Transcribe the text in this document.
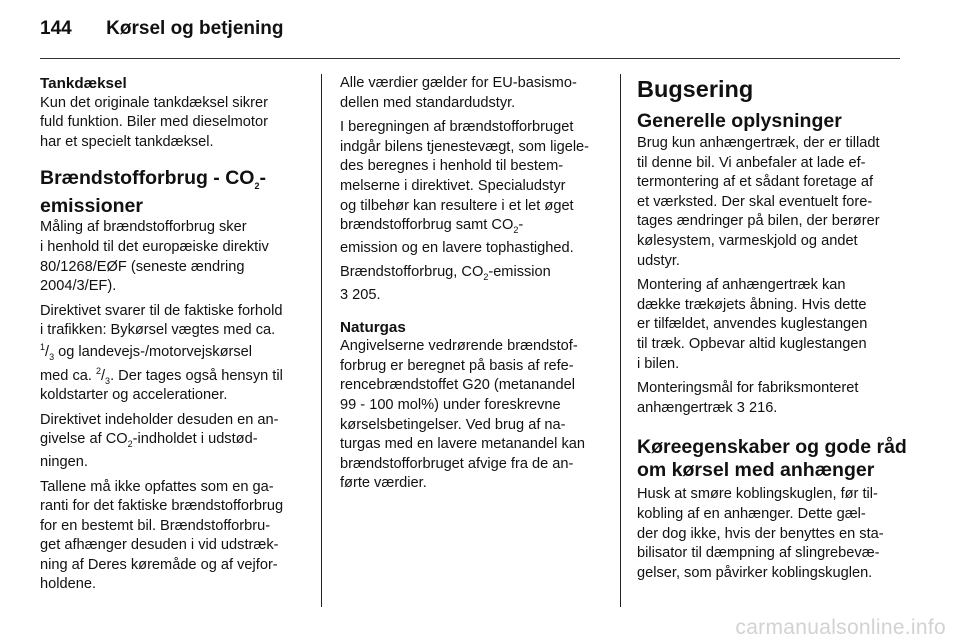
144 Kørsel og betjening
Tankdæksel
Kun det originale tankdæksel sikrer
fuld funktion. Biler med dieselmotor
har et specielt tankdæksel.
Brændstofforbrug - $CO_2-$
emissioner
Måling af brændstofforbrug sker
i henhold til det europæiske direktiv
80/1268/EØF (seneste ændring
2004/3/EF).
Direktivet svarer til de faktiske forhold
i trafikken: Bykørsel vægtes med ca.
$^1/_3$ og landevejs-/motorvejskørsel
med ca. $^2/_3$. Der tages også hensyn til
koldstarter og accelerationer.
Direktivet indeholder desuden en an-
givelse af $CO_2$-indholdet i udstød-
ningen.
Tallene må ikke opfattes som en ga-
ranti for det faktiske brændstofforbrug
for en bestemt bil. Brændstofforbru-
get afhænger desuden i vid udstræk-
ning af Deres køremåde og af vejfor-
holdene.
Alle værdier gælder for EU-basismo-
dellen med standardudstyr.
I beregningen af brændstofforbruget
indgår bilens tjenestevægt, som ligele-
des beregnes i henhold til bestem-
melserne i direktivet. Specialudstyr
og tilbehør kan resultere i et let øget
brændstofforbrug samt $CO_2-$
emission og en lavere tophastighed.
Brændstofforbrug, $CO_2$-emission
3 205.
Naturgas
Angivelserne vedrørende brændstof-
forbrug er beregnet på basis af refe-
rencebrændstoffet G20 (metanandel
99 - 100 mol%) under foreskrevne
kørselsbetingelser. Ved brug af na-
turgas med en lavere metanandel kan
brændstofforbruget afvige fra de an-
førte værdier.
Bugsering
Generelle oplysninger
Brug kun anhængertræk, der er tilladt
til denne bil. Vi anbefaler at lade ef-
termontering af et sådant foretage af
et værksted. Der skal eventuelt fore-
tages ændringer på bilen, der berører
kølesystem, varmeskjold og andet
udstyr.
Montering af anhængertræk kan
dække trækøjets åbning. Hvis dette
er tilfældet, anvendes kuglestangen
til træk. Opbevar altid kuglestangen
i bilen.
Monteringsmål for fabriksmonteret
anhængertræk 3 216.
Køreegenskaber og gode råd
om kørsel med anhænger
Husk at smøre koblingskuglen, før til-
kobling af en anhænger. Dette gæl-
der dog ikke, hvis der benyttes en sta-
bilisator til dæmpning af slingrebevæ-
gelser, som påvirker koblingskuglen.
carmanualsonline.info
